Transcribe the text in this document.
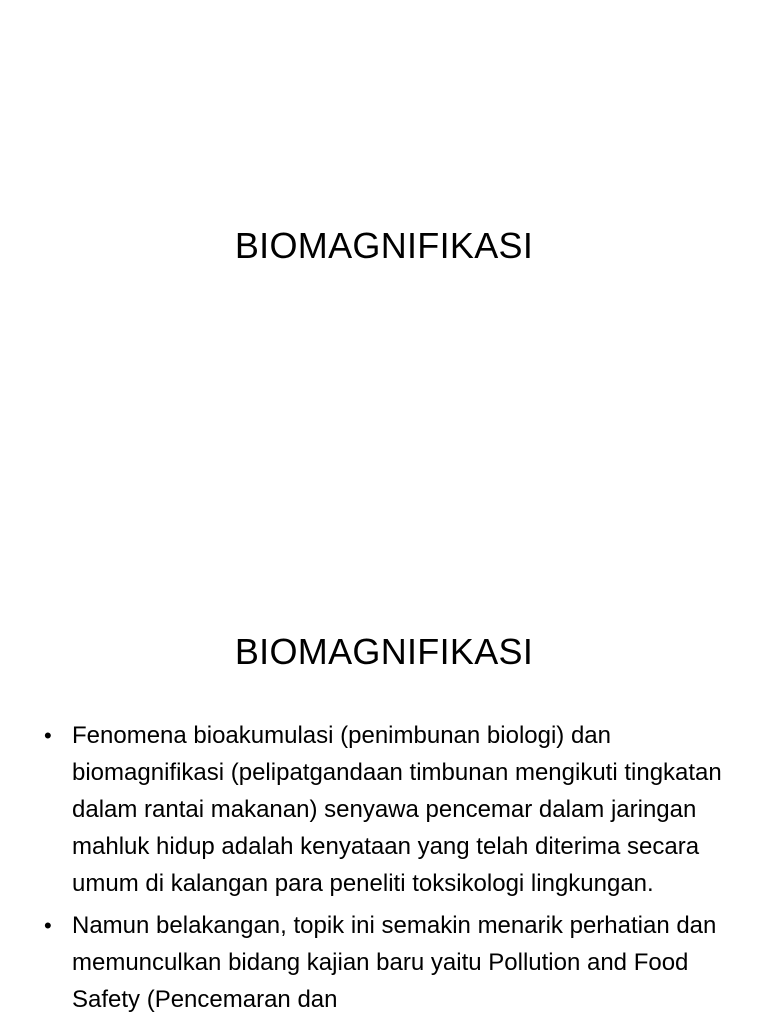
BIOMAGNIFIKASI
BIOMAGNIFIKASI
• Fenomena bioakumulasi (penimbunan biologi) dan biomagnifikasi (pelipatgandaan timbunan mengikuti tingkatan dalam rantai makanan) senyawa pencemar dalam jaringan mahluk hidup adalah kenyataan yang telah diterima secara umum di kalangan para peneliti toksikologi lingkungan.
• Namun belakangan, topik ini semakin menarik perhatian dan memunculkan bidang kajian baru yaitu Pollution and Food Safety (Pencemaran dan
